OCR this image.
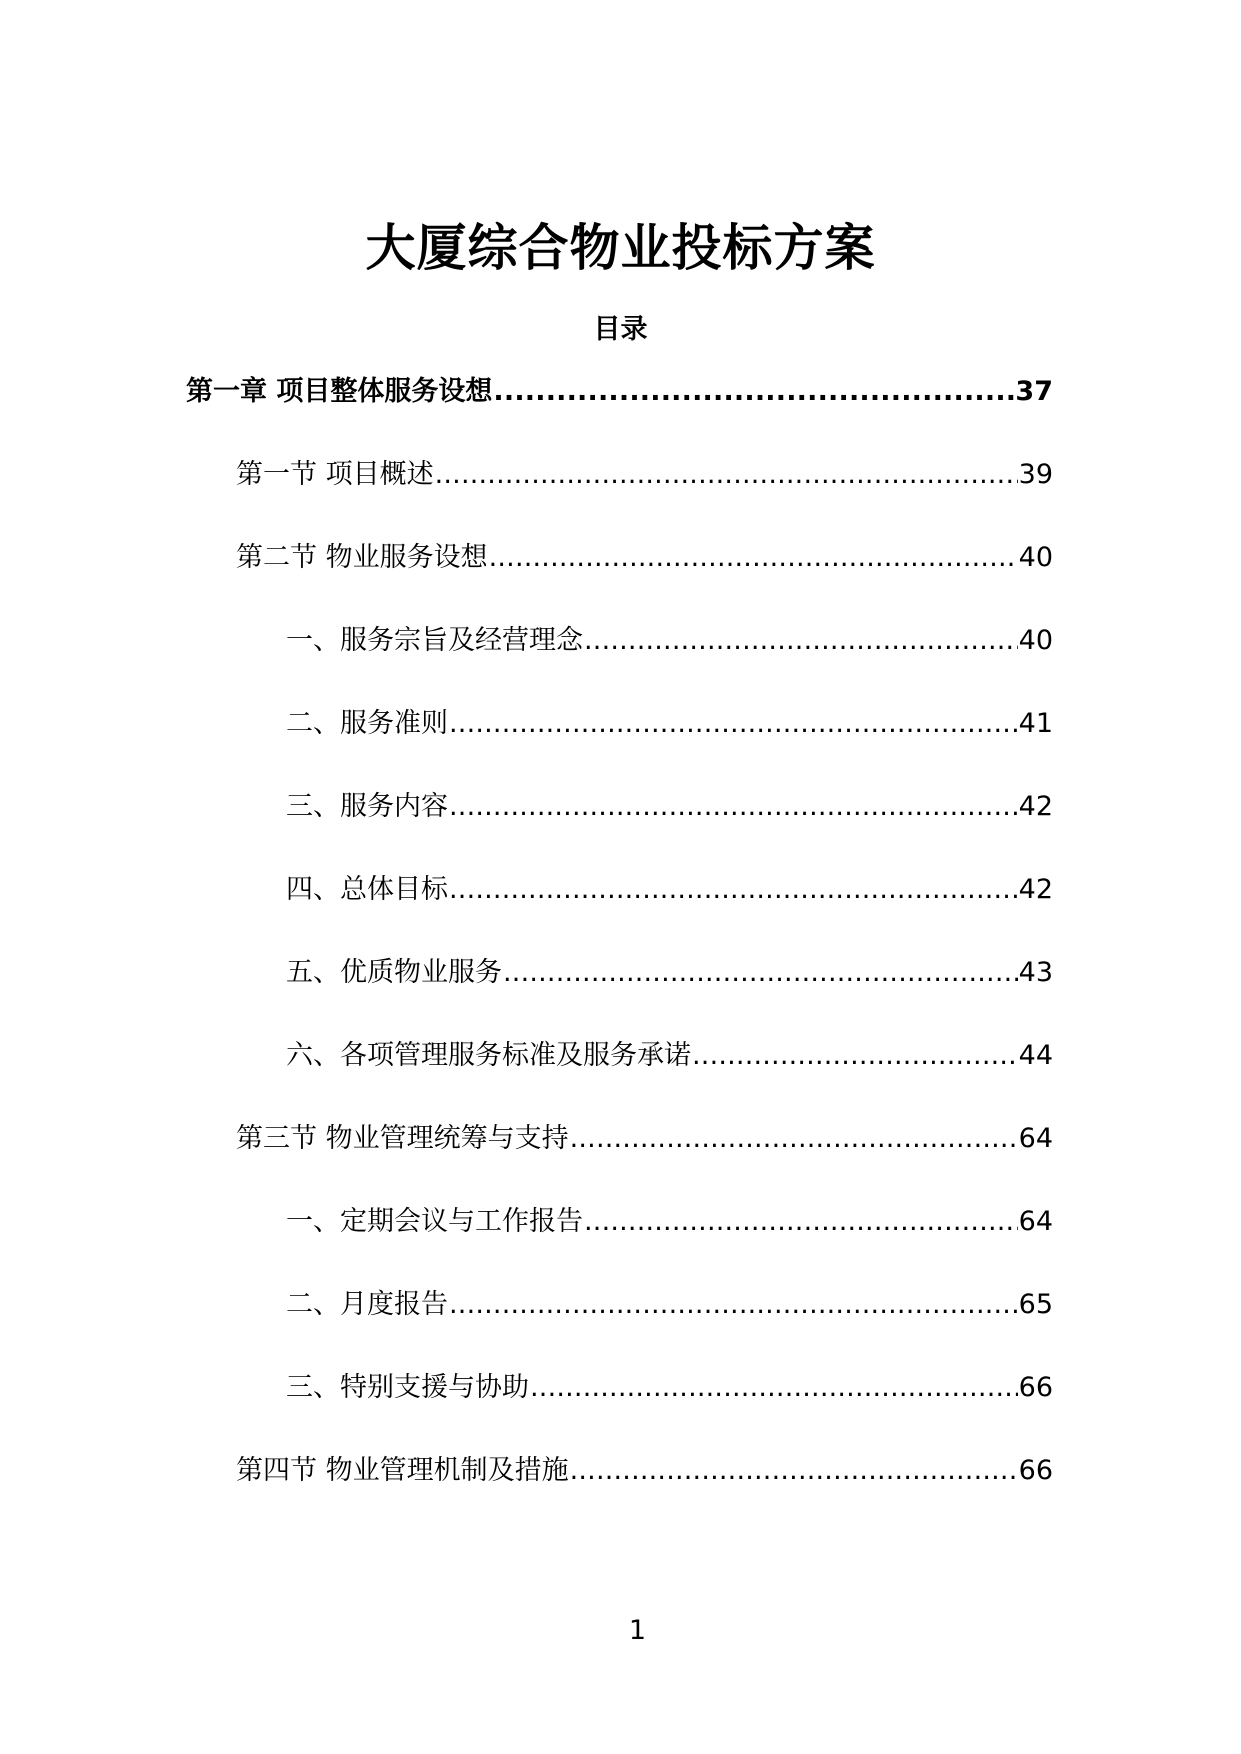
大厦综合物业投标方案
目录
第一章 项目整体服务设想 .....	37
第一节 项目概述 .....	39
第二节 物业服务设想 .....	40
一、服务宗旨及经营理念 .....	40
二、服务准则 .....	41
三、服务内容 .....	42
四、总体目标 .....	42
五、优质物业服务 .....	43
六、各项管理服务标准及服务承诺 .....	44
第三节 物业管理统筹与支持 .....	64
一、定期会议与工作报告 .....	64
二、月度报告 .....	65
三、特别支援与协助 .....	66
第四节 物业管理机制及措施 .....	66
1
